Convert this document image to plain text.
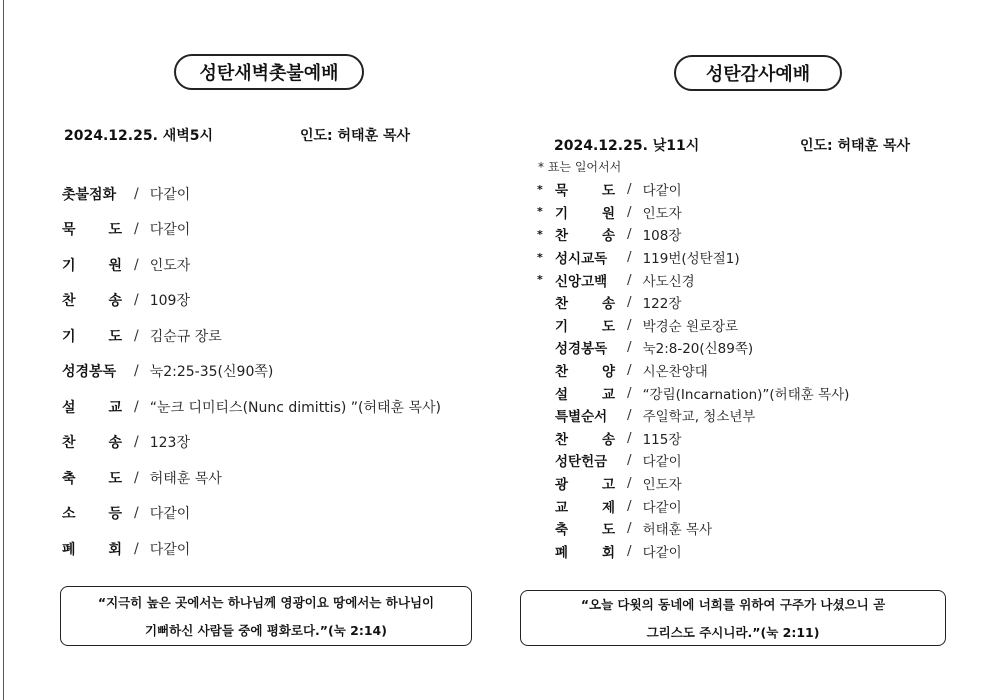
성탄새벽촛불예배
2024.12.25. 새벽5시	인도: 허태훈 목사
촛불점화 / 다같이
묵 도 / 다같이
기 원 / 인도자
찬 송 / 109장
기 도 / 김순규 장로
성경봉독 / 눅2:25-35(신90쪽)
설 교 / “눈크 디미티스(Nunc dimittis) ”(허태훈 목사)
찬 송 / 123장
축 도 / 허태훈 목사
소 등 / 다같이
폐 회 / 다같이
“지극히 높은 곳에서는 하나님께 영광이요 땅에서는 하나님이
기뻐하신 사람들 중에 평화로다.”(눅 2:14)
성탄감사예배
2024.12.25. 낮11시	인도: 허태훈 목사
* 표는 일어서서
* 묵	도 / 다같이
* 기	원 / 인도자
* 찬	송 / 108장
* 성시교독 / 119번(성탄절1)
* 신앙고백 / 사도신경
찬	송 / 122장
기	도 / 박경순 원로장로
성경봉독 / 눅2:8-20(신89쪽)
찬	양 / 시온찬양대
설	교 / “강림(Incarnation)”(허태훈 목사)
특별순서 / 주일학교, 청소년부
찬	송 / 115장
성탄헌금 / 다같이
광	고 / 인도자
교	제 / 다같이
축	도 / 허태훈 목사
폐	회 / 다같이
“오늘 다윗의 동네에 너희를 위하여 구주가 나셨으니 곧
그리스도 주시니라.”(눅 2:11)
